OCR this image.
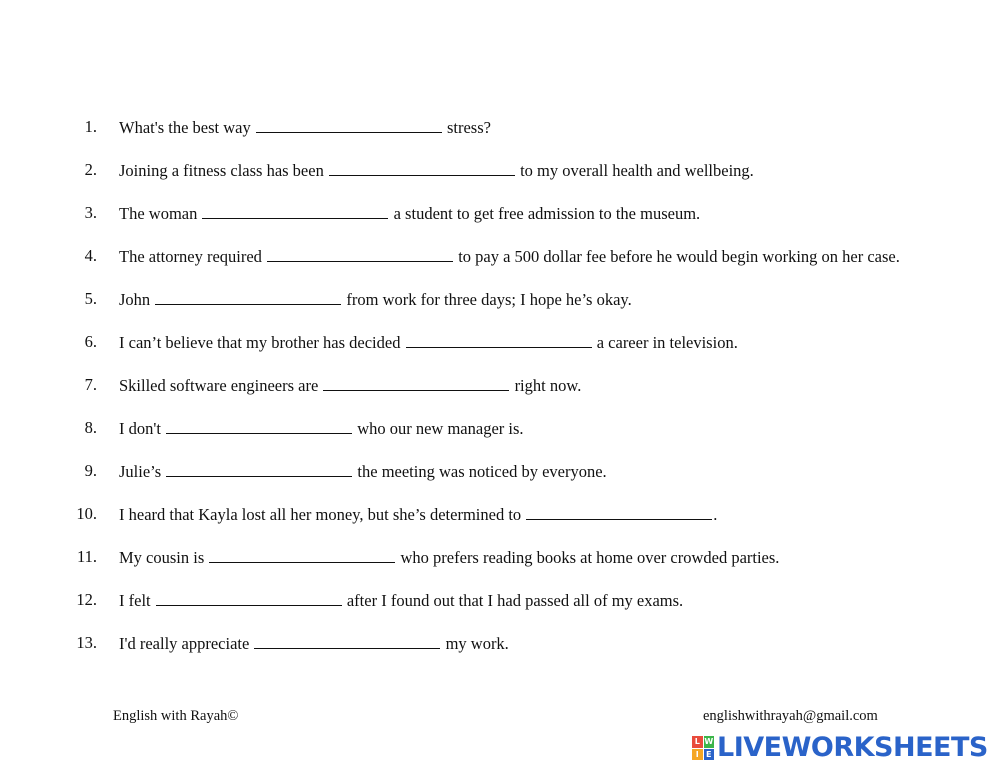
1. What's the best way	stress?
2. Joining a fitness class has been	to my overall health and wellbeing.
3. The woman	a student to get free admission to the museum.
4. The attorney required	to pay a 500 dollar fee before he would begin working on her case.
5. John	from work for three days; I hope he’s okay.
6. I can’t believe that my brother has decided	a career in television.
7. Skilled software engineers are	right now.
8. I don't	who our new manager is.
9. Julie’s	the meeting was noticed by everyone.
10. I heard that Kayla lost all her money, but she’s determined to	.
11. My cousin is	who prefers reading books at home over crowded parties.
12. I felt	after I found out that I had passed all of my exams.
13. I'd really appreciate	my work.
English with Rayah©	englishwithrayah@gmail.com
L W
I E LIVEWORKSHEETS
